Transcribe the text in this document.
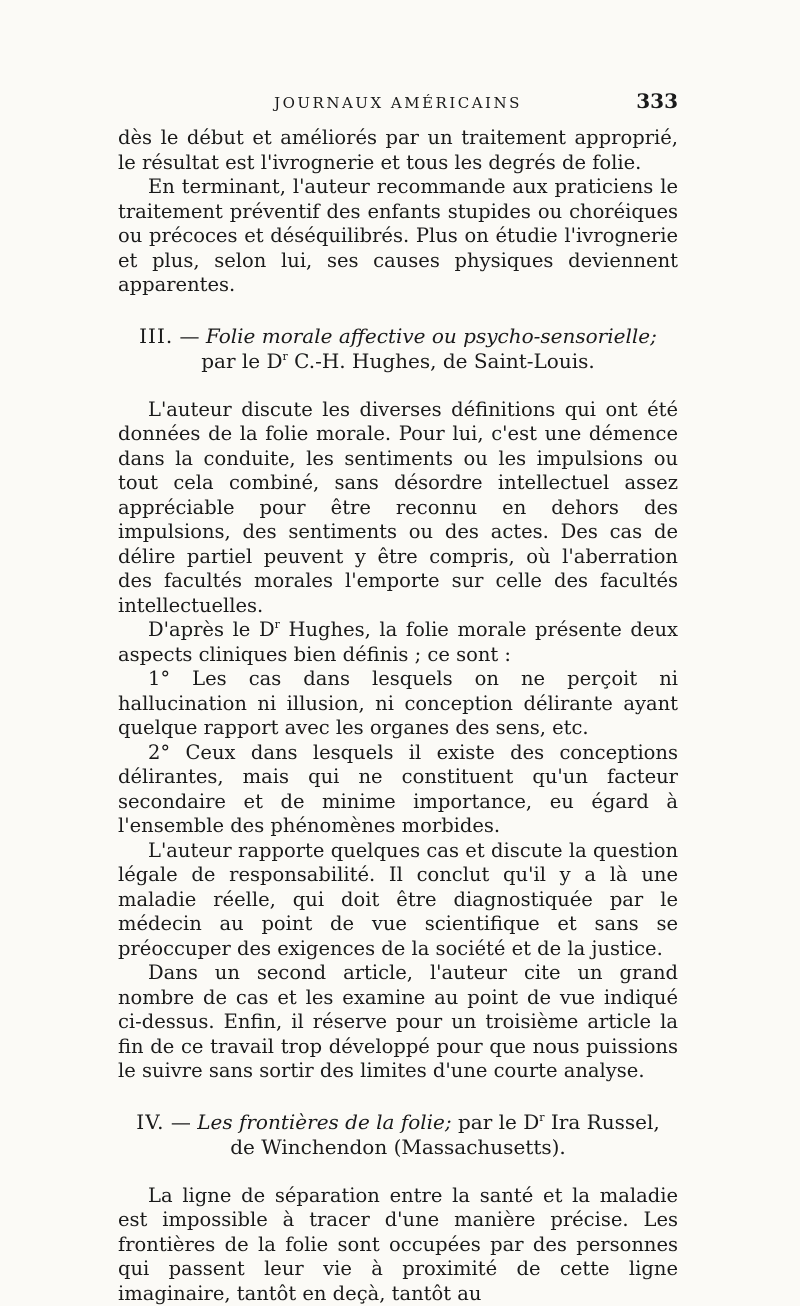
JOURNAUX AMÉRICAINS	333

dès le début et améliorés par un traitement approprié, le résultat est l'ivrognerie et tous les degrés de folie.

En terminant, l'auteur recommande aux praticiens le traitement préventif des enfants stupides ou choréiques ou précoces et déséquilibrés. Plus on étudie l'ivrognerie et plus, selon lui, ses causes physiques deviennent apparentes.

III. — Folie morale affective ou psycho-sensorielle;

par le $D^r$ C.-H. Hughes, de Saint-Louis.

L'auteur discute les diverses définitions qui ont été données de la folie morale. Pour lui, c'est une démence dans la conduite, les sentiments ou les impulsions ou tout cela combiné, sans désordre intellectuel assez appréciable pour être reconnu en dehors des impulsions, des sentiments ou des actes. Des cas de délire partiel peuvent y être compris, où l'aberration des facultés morales l'emporte sur celle des facultés intellectuelles.

D'après le $D^r$ Hughes, la folie morale présente deux aspects cliniques bien définis ; ce sont :

1° Les cas dans lesquels on ne perçoit ni hallucination ni illusion, ni conception délirante ayant quelque rapport avec les organes des sens, etc.

2° Ceux dans lesquels il existe des conceptions délirantes, mais qui ne constituent qu'un facteur secondaire et de minime importance, eu égard à l'ensemble des phénomènes morbides.

L'auteur rapporte quelques cas et discute la question légale de responsabilité. Il conclut qu'il y a là une maladie réelle, qui doit être diagnostiquée par le médecin au point de vue scientifique et sans se préoccuper des exigences de la société et de la justice.

Dans un second article, l'auteur cite un grand nombre de cas et les examine au point de vue indiqué ci-dessus. Enfin, il réserve pour un troisième article la fin de ce travail trop développé pour que nous puissions le suivre sans sortir des limites d'une courte analyse.

IV. — Les frontières de la folie; par le $D^r$ Ira Russel,

de Winchendon (Massachusetts).

La ligne de séparation entre la santé et la maladie est impossible à tracer d'une manière précise. Les frontières de la folie sont occupées par des personnes qui passent leur vie à proximité de cette ligne imaginaire, tantôt en deçà, tantôt au
